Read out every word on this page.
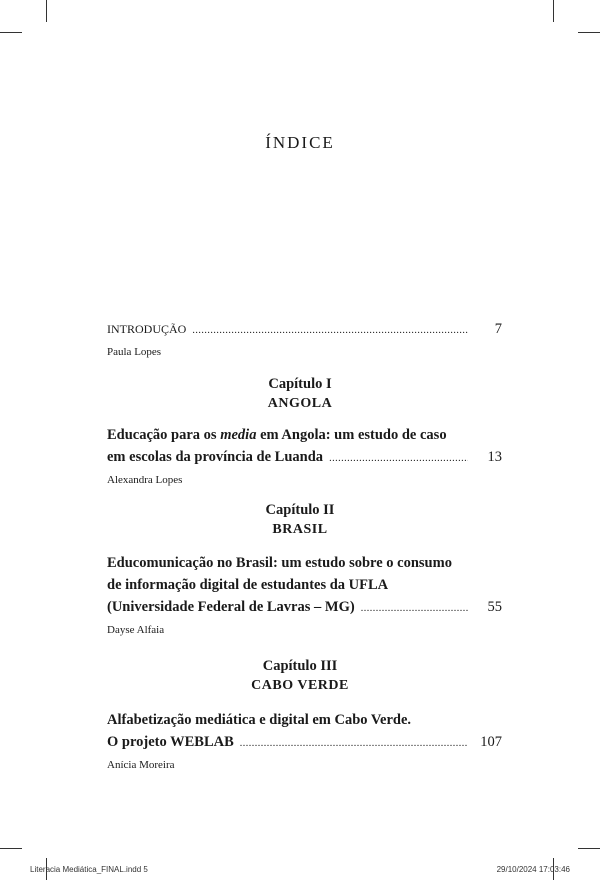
ÍNDICE
INTRODUÇÃO .....	7
Paula Lopes
Capítulo I
ANGOLA
Educação para os media em Angola: um estudo de caso
em escolas da província de Luanda .....	13
Alexandra Lopes
Capítulo II
BRASIL
Educomunicação no Brasil: um estudo sobre o consumo
de informação digital de estudantes da UFLA
(Universidade Federal de Lavras – MG) .....	55
Dayse Alfaia
Capítulo III
CABO VERDE
Alfabetização mediática e digital em Cabo Verde.
O projeto WEBLAB .....	107
Anícia Moreira
Literacia Mediática_FINAL.indd 5	29/10/2024 17:03:46
